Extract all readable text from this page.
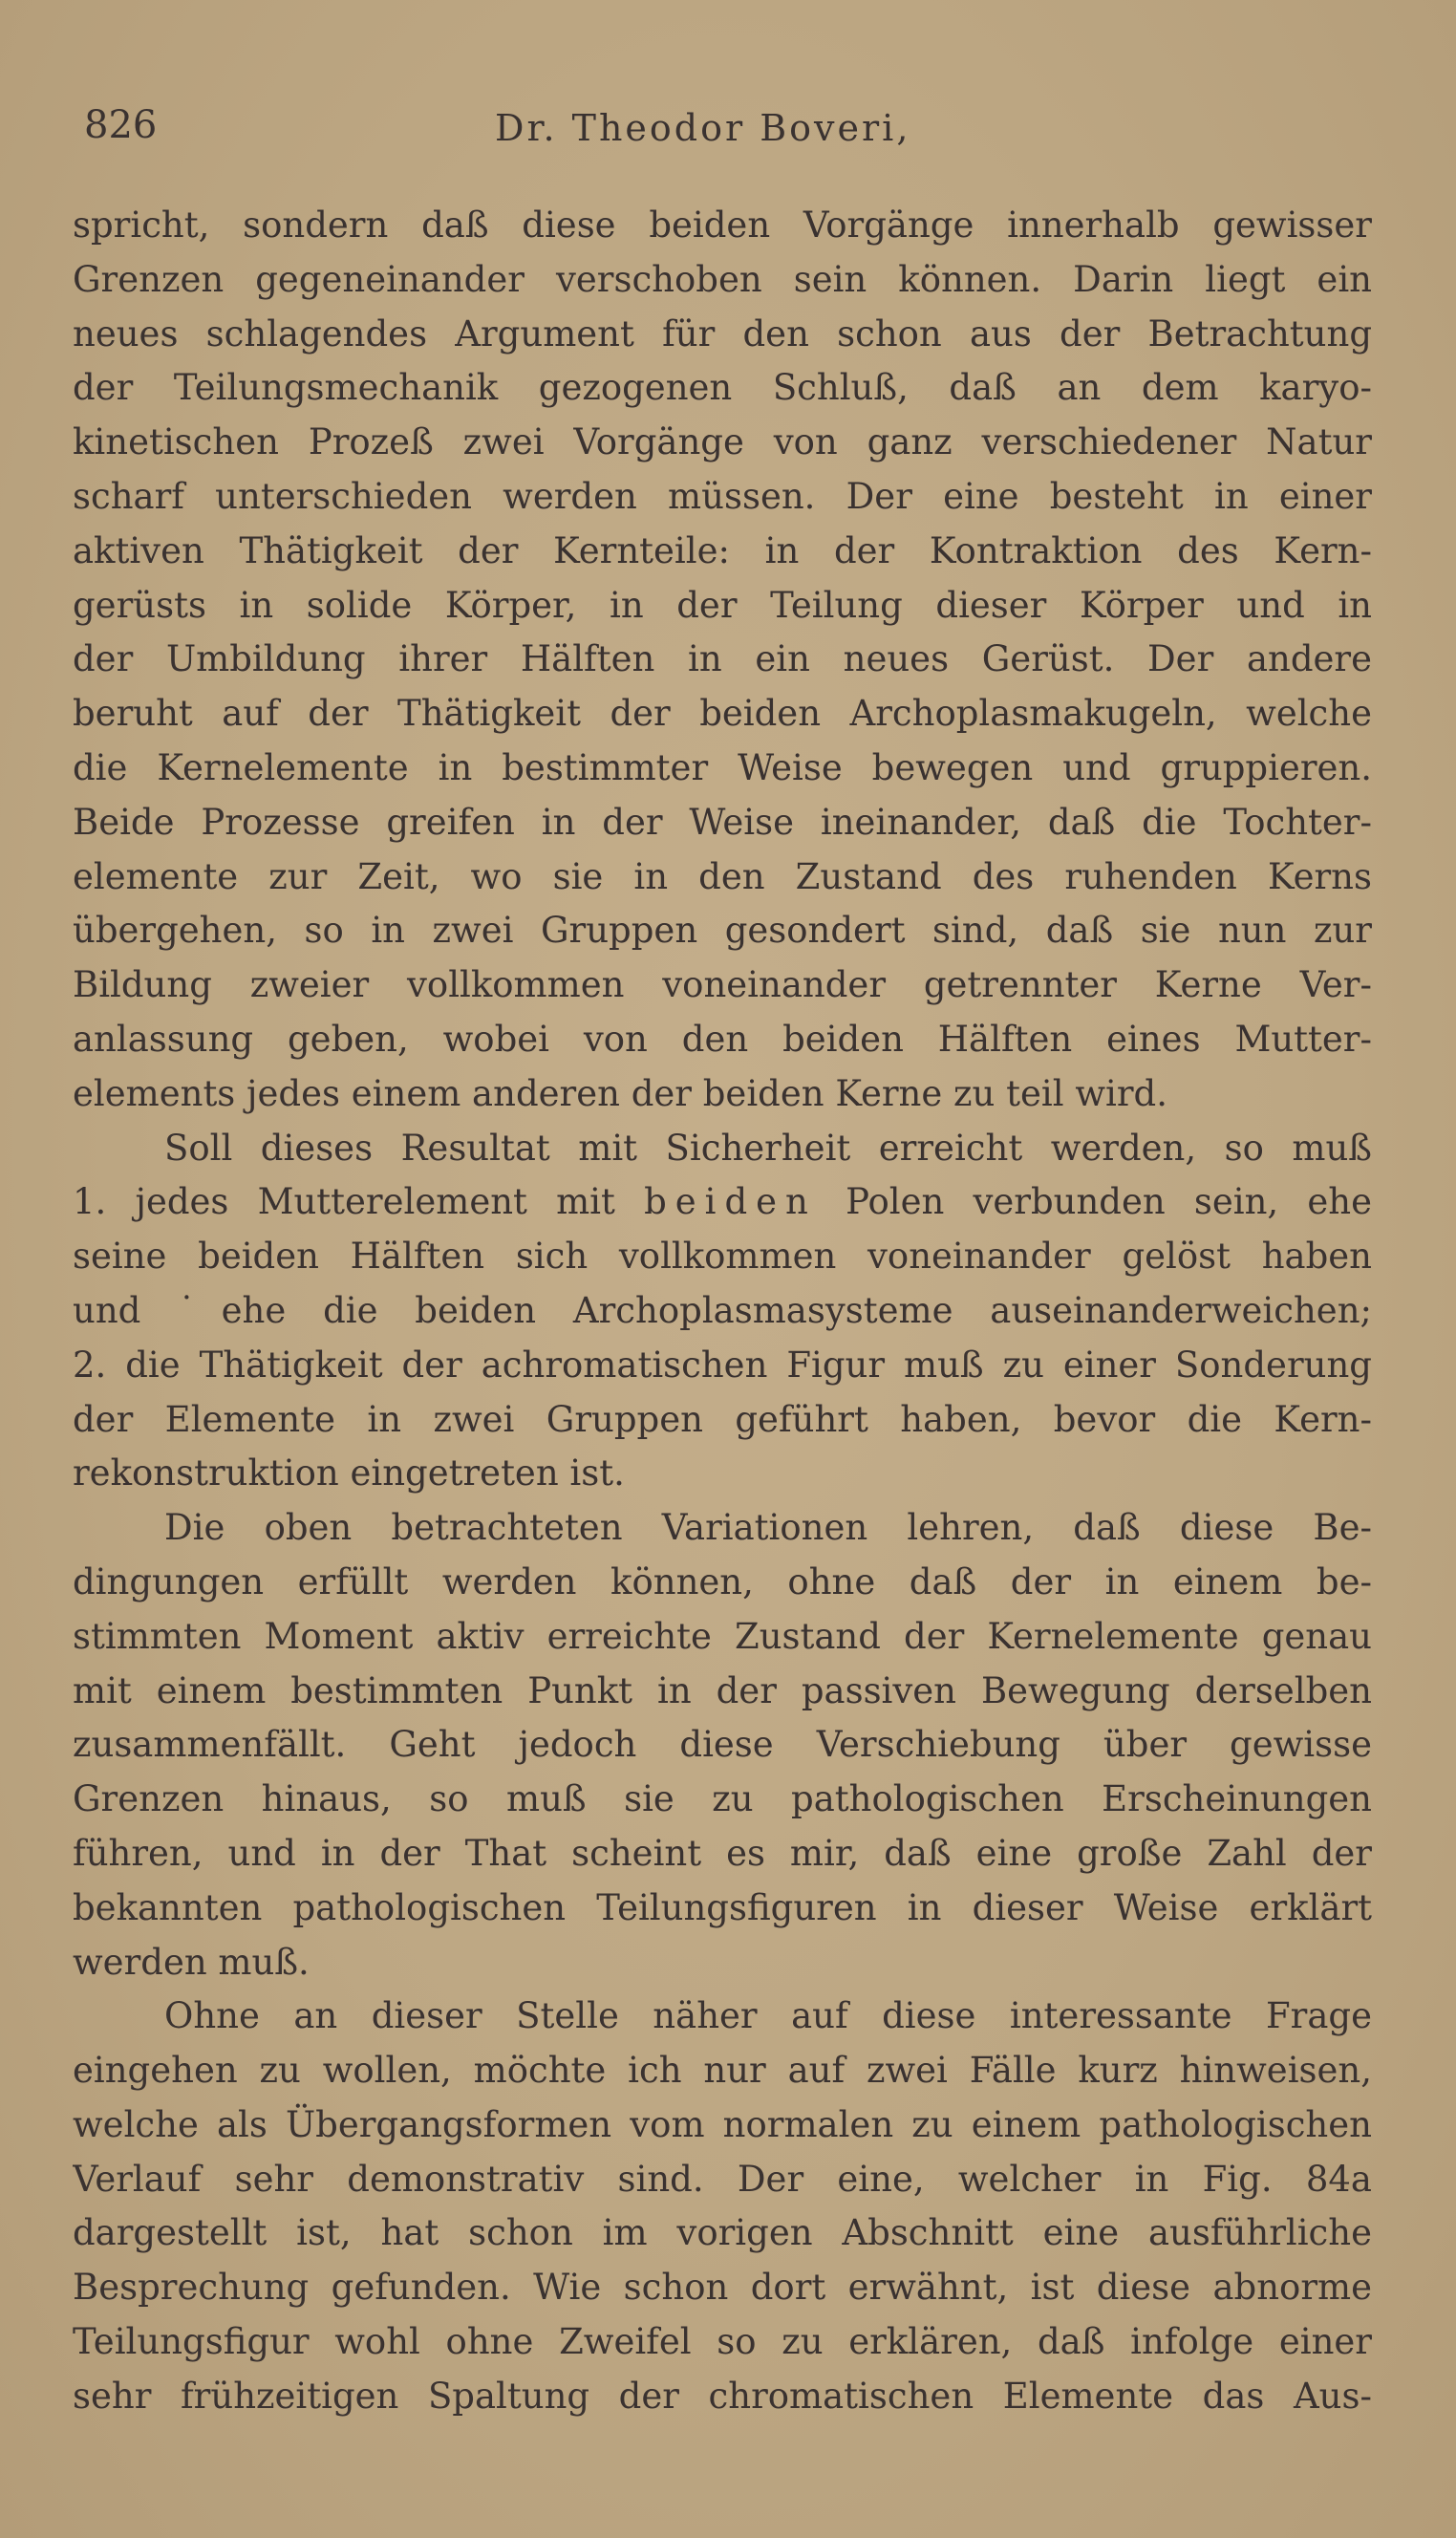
826	Dr. Theodor Boveri,
spricht, sondern daß diese beiden Vorgänge innerhalb gewisser
Grenzen gegeneinander verschoben sein können. Darin liegt ein
neues schlagendes Argument für den schon aus der Betrachtung
der Teilungsmechanik gezogenen Schluß, daß an dem karyo-
kinetischen Prozeß zwei Vorgänge von ganz verschiedener Natur
scharf unterschieden werden müssen. Der eine besteht in einer
aktiven Thätigkeit der Kernteile: in der Kontraktion des Kern-
gerüsts in solide Körper, in der Teilung dieser Körper und in
der Umbildung ihrer Hälften in ein neues Gerüst. Der andere
beruht auf der Thätigkeit der beiden Archoplasmakugeln, welche
die Kernelemente in bestimmter Weise bewegen und gruppieren.
Beide Prozesse greifen in der Weise ineinander, daß die Tochter-
elemente zur Zeit, wo sie in den Zustand des ruhenden Kerns
übergehen, so in zwei Gruppen gesondert sind, daß sie nun zur
Bildung zweier vollkommen voneinander getrennter Kerne Ver-
anlassung geben, wobei von den beiden Hälften eines Mutter-
elements jedes einem anderen der beiden Kerne zu teil wird.
Soll dieses Resultat mit Sicherheit erreicht werden, so muß
1. jedes Mutterelement mit beiden Polen verbunden sein, ehe
seine beiden Hälften sich vollkommen voneinander gelöst haben
und ˙ehe die beiden Archoplasmasysteme auseinanderweichen;
2. die Thätigkeit der achromatischen Figur muß zu einer Sonderung
der Elemente in zwei Gruppen geführt haben, bevor die Kern-
rekonstruktion eingetreten ist.
Die oben betrachteten Variationen lehren, daß diese Be-
dingungen erfüllt werden können, ohne daß der in einem be-
stimmten Moment aktiv erreichte Zustand der Kernelemente genau
mit einem bestimmten Punkt in der passiven Bewegung derselben
zusammenfällt. Geht jedoch diese Verschiebung über gewisse
Grenzen hinaus, so muß sie zu pathologischen Erscheinungen
führen, und in der That scheint es mir, daß eine große Zahl der
bekannten pathologischen Teilungsfiguren in dieser Weise erklärt
werden muß.
Ohne an dieser Stelle näher auf diese interessante Frage
eingehen zu wollen, möchte ich nur auf zwei Fälle kurz hinweisen,
welche als Übergangsformen vom normalen zu einem pathologischen
Verlauf sehr demonstrativ sind. Der eine, welcher in Fig. 84a
dargestellt ist, hat schon im vorigen Abschnitt eine ausführliche
Besprechung gefunden. Wie schon dort erwähnt, ist diese abnorme
Teilungsfigur wohl ohne Zweifel so zu erklären, daß infolge einer
sehr frühzeitigen Spaltung der chromatischen Elemente das Aus-
